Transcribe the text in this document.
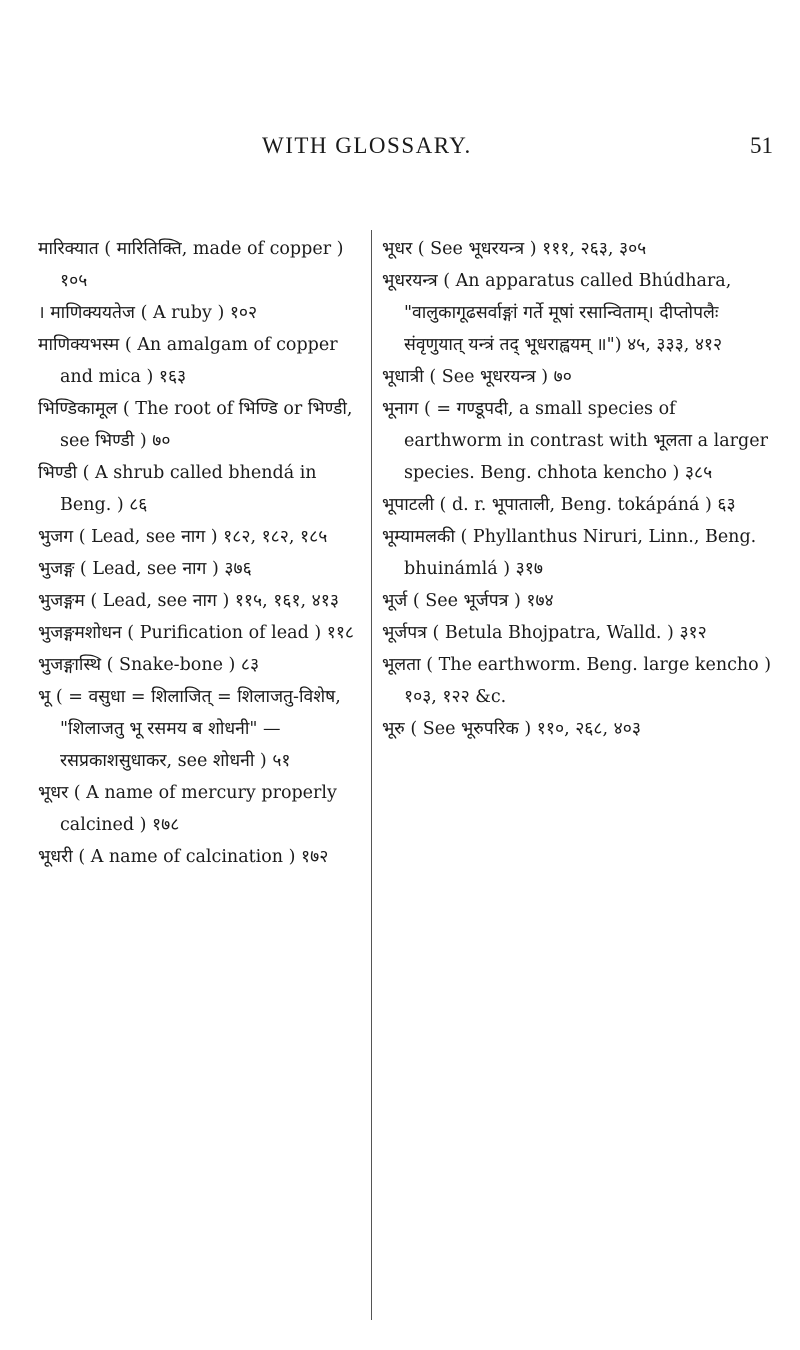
WITH GLOSSARY.	51

मारिक्यात ( मारितिक्ति, made of copper ) १०५

। माणिक्ययतेज ( A ruby ) १०२

माणिक्यभस्म ( An amalgam of copper and mica ) १६३

भिण्डिकामूल ( The root of भिण्डि or भिण्डी, see भिण्डी ) ७०

भिण्डी ( A shrub called bhendá in Beng. ) ८६

भुजग ( Lead, see नाग ) १८२, १८२, १८५

भुजङ्ग ( Lead, see नाग ) ३७६

भुजङ्गम ( Lead, see नाग ) ११५, १६१, ४१३

भुजङ्गमशोधन ( Purification of lead ) ११८

भुजङ्गास्थि ( Snake-bone ) ८३

भू ( = वसुधा = शिलाजित् = शिलाजतु-विशेष, "शिलाजतु भू रसमय ब शोधनी" — रसप्रकाशसुधाकर, see शोधनी ) ५१

भूधर ( A name of mercury properly calcined ) १७८

भूधरी ( A name of calcination ) १७२

भूधर ( See भूधरयन्त्र ) १११, २६३, ३०५

भूधरयन्त्र ( An apparatus called Bhúdhara, "वालुकागूढसर्वाङ्गां गर्ते मूषां रसान्विताम्। दीप्तोपलैः संवृणुयात् यन्त्रं तद् भूधराह्वयम् ॥") ४५, ३३३, ४१२

भूधात्री ( See भूधरयन्त्र ) ७०

भूनाग ( = गण्डूपदी, a small species of earthworm in contrast with भूलता a larger species. Beng. chhota kencho ) ३८५

भूपाटली ( d. r. भूपाताली, Beng. tokápáná ) ६३

भूम्यामलकी ( Phyllanthus Niruri, Linn., Beng. bhuinámlá ) ३१७

भूर्ज ( See भूर्जपत्र ) १७४

भूर्जपत्र ( Betula Bhojpatra, Walld. ) ३१२

भूलता ( The earthworm. Beng. large kencho ) १०३, १२२ &c.

भूरु ( See भूरुपरिक ) ११०, २६८, ४०३
